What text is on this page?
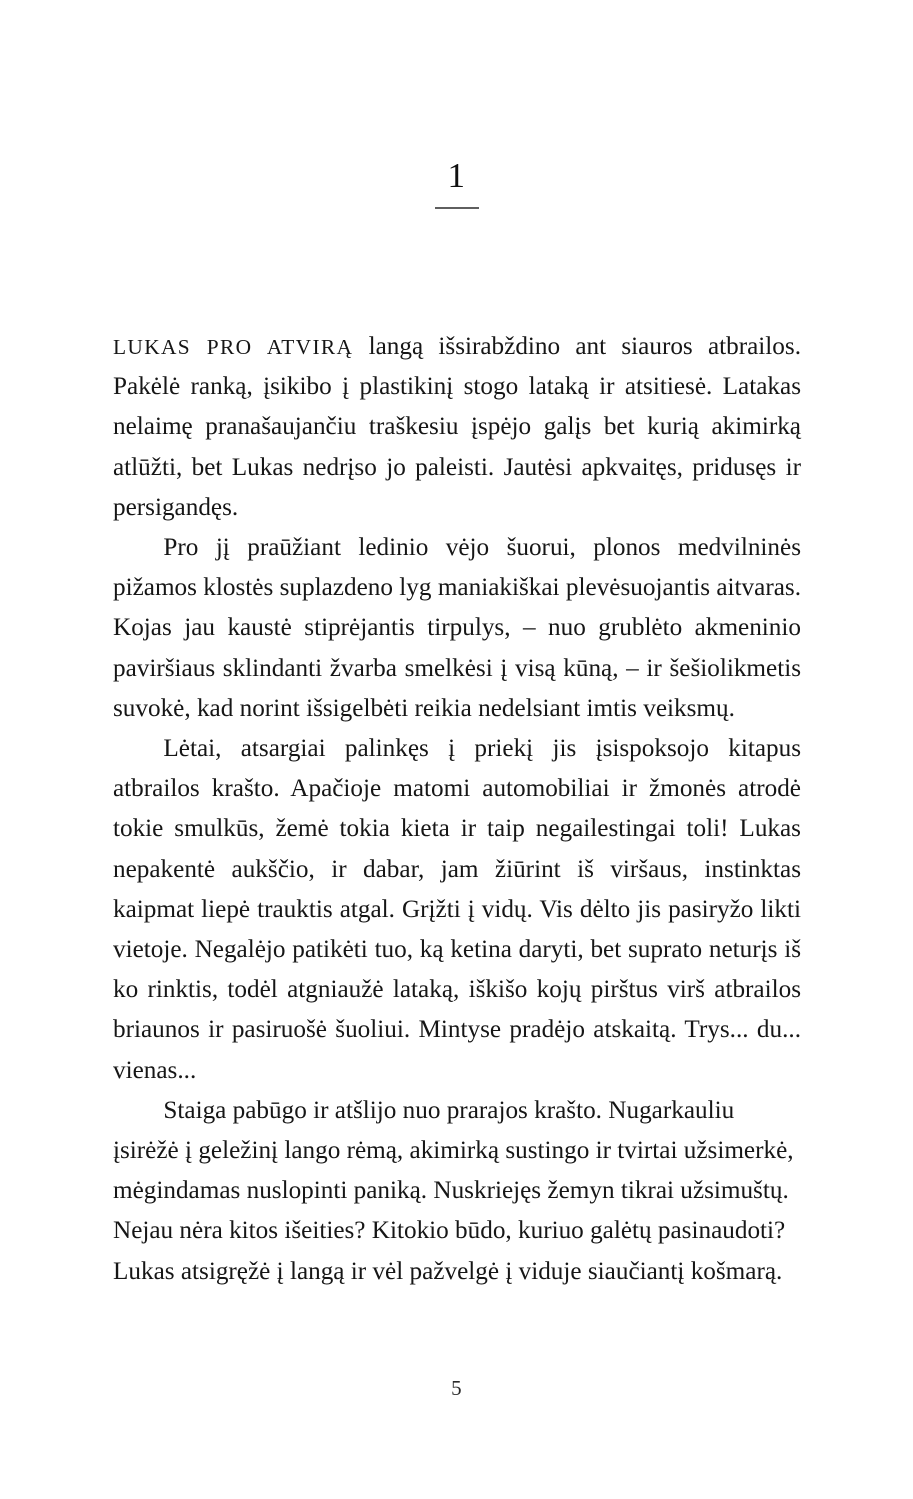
1

LUKAS PRO ATVIRĄ langą išsirabždino ant siauros atbrailos. Pakėlė ranką, įsikibo į plastikinį stogo lataką ir atsitiesė. Latakas nelaimę pranašaujančiu traškesiu įspėjo galįs bet kurią akimirką atlūžti, bet Lukas nedrįso jo paleisti. Jautėsi apkvaitęs, pridusęs ir persigandęs.

Pro jį praūžiant ledinio vėjo šuorui, plonos medvilninės pižamos klostės suplazdeno lyg maniakiškai plevėsuojantis aitvaras. Kojas jau kaustė stiprėjantis tirpulys, – nuo grublėto akmeninio paviršiaus sklindanti žvarba smelkėsi į visą kūną, – ir šešiolikmetis suvokė, kad norint išsigelbėti reikia nedelsiant imtis veiksmų.

Lėtai, atsargiai palinkęs į priekį jis įsispoksojo kitapus atbrailos krašto. Apačioje matomi automobiliai ir žmonės atrodė tokie smulkūs, žemė tokia kieta ir taip negailestingai toli! Lukas nepakentė aukščio, ir dabar, jam žiūrint iš viršaus, instinktas kaipmat liepė trauktis atgal. Grįžti į vidų. Vis dėlto jis pasiryžo likti vietoje. Negalėjo patikėti tuo, ką ketina daryti, bet suprato neturįs iš ko rinktis, todėl atgniaužė lataką, iškišo kojų pirštus virš atbrailos briaunos ir pasiruošė šuoliui. Mintyse pradėjo atskaitą. Trys... du... vienas...

Staiga pabūgo ir atšlijo nuo prarajos krašto. Nugarkauliu įsirėžė į geležinį lango rėmą, akimirką sustingo ir tvirtai užsimerkė, mėgindamas nuslopinti paniką. Nuskriejęs žemyn tikrai užsimuštų. Nejau nėra kitos išeities? Kitokio būdo, kuriuo galėtų pasinaudoti? Lukas atsigręžė į langą ir vėl pažvelgė į viduje siaučiantį košmarą.

5
